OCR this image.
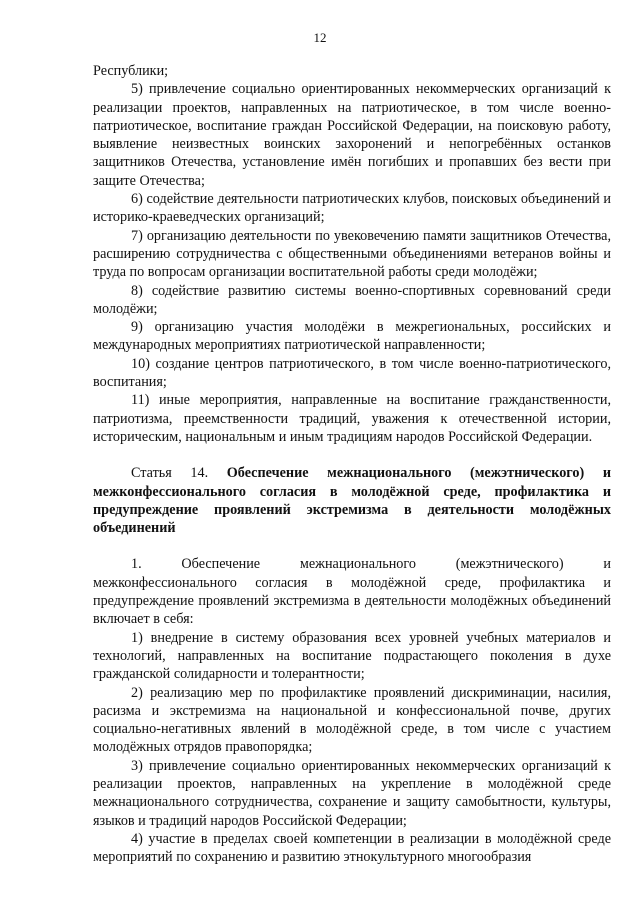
12

Республики;

5) привлечение социально ориентированных некоммерческих организаций к реализации проектов, направленных на патриотическое, в том числе военно-патриотическое, воспитание граждан Российской Федерации, на поисковую работу, выявление неизвестных воинских захоронений и непогребённых останков защитников Отечества, установление имён погибших и пропавших без вести при защите Отечества;

6) содействие деятельности патриотических клубов, поисковых объединений и историко-краеведческих организаций;

7) организацию деятельности по увековечению памяти защитников Отечества, расширению сотрудничества с общественными объединениями ветеранов войны и труда по вопросам организации воспитательной работы среди молодёжи;

8) содействие развитию системы военно-спортивных соревнований среди молодёжи;

9) организацию участия молодёжи в межрегиональных, российских и международных мероприятиях патриотической направленности;

10) создание центров патриотического, в том числе военно-патриотического, воспитания;

11) иные мероприятия, направленные на воспитание гражданственности, патриотизма, преемственности традиций, уважения к отечественной истории, историческим, национальным и иным традициям народов Российской Федерации.

Статья 14. Обеспечение межнационального (межэтнического) и межконфессионального согласия в молодёжной среде, профилактика и предупреждение проявлений экстремизма в деятельности молодёжных объединений

1. Обеспечение межнационального (межэтнического) и межконфессионального согласия в молодёжной среде, профилактика и предупреждение проявлений экстремизма в деятельности молодёжных объединений включает в себя:

1) внедрение в систему образования всех уровней учебных материалов и технологий, направленных на воспитание подрастающего поколения в духе гражданской солидарности и толерантности;

2) реализацию мер по профилактике проявлений дискриминации, насилия, расизма и экстремизма на национальной и конфессиональной почве, других социально-негативных явлений в молодёжной среде, в том числе с участием молодёжных отрядов правопорядка;

3) привлечение социально ориентированных некоммерческих организаций к реализации проектов, направленных на укрепление в молодёжной среде межнационального сотрудничества, сохранение и защиту самобытности, культуры, языков и традиций народов Российской Федерации;

4) участие в пределах своей компетенции в реализации в молодёжной среде мероприятий по сохранению и развитию этнокультурного многообразия
